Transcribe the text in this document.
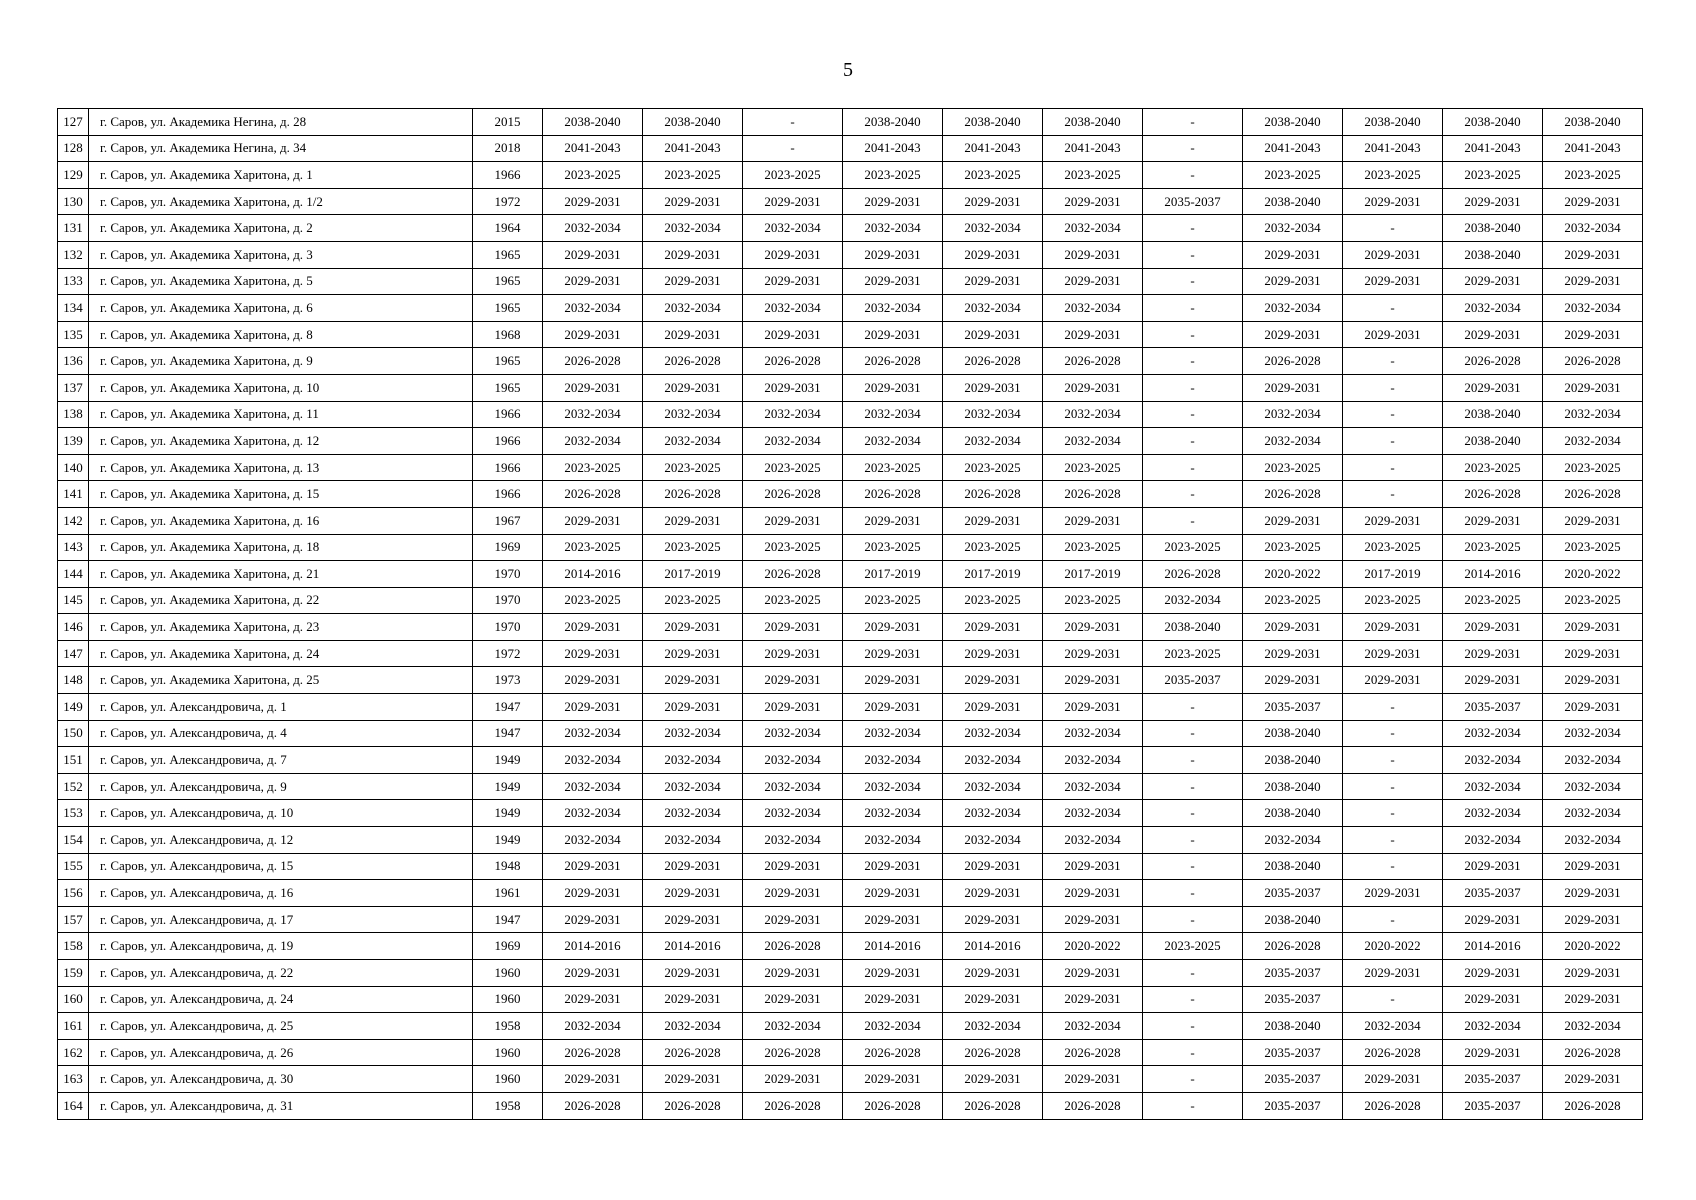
5
127	г. Саров, ул. Академика Негина, д. 28	2015	2038-2040	2038-2040	-	2038-2040	2038-2040	2038-2040	-	2038-2040	2038-2040	2038-2040	2038-2040
128	г. Саров, ул. Академика Негина, д. 34	2018	2041-2043	2041-2043	-	2041-2043	2041-2043	2041-2043	-	2041-2043	2041-2043	2041-2043	2041-2043
129	г. Саров, ул. Академика Харитона, д. 1	1966	2023-2025	2023-2025	2023-2025	2023-2025	2023-2025	2023-2025	-	2023-2025	2023-2025	2023-2025	2023-2025
130	г. Саров, ул. Академика Харитона, д. 1/2	1972	2029-2031	2029-2031	2029-2031	2029-2031	2029-2031	2029-2031	2035-2037	2038-2040	2029-2031	2029-2031	2029-2031
131	г. Саров, ул. Академика Харитона, д. 2	1964	2032-2034	2032-2034	2032-2034	2032-2034	2032-2034	2032-2034	-	2032-2034	-	2038-2040	2032-2034
132	г. Саров, ул. Академика Харитона, д. 3	1965	2029-2031	2029-2031	2029-2031	2029-2031	2029-2031	2029-2031	-	2029-2031	2029-2031	2038-2040	2029-2031
133	г. Саров, ул. Академика Харитона, д. 5	1965	2029-2031	2029-2031	2029-2031	2029-2031	2029-2031	2029-2031	-	2029-2031	2029-2031	2029-2031	2029-2031
134	г. Саров, ул. Академика Харитона, д. 6	1965	2032-2034	2032-2034	2032-2034	2032-2034	2032-2034	2032-2034	-	2032-2034	-	2032-2034	2032-2034
135	г. Саров, ул. Академика Харитона, д. 8	1968	2029-2031	2029-2031	2029-2031	2029-2031	2029-2031	2029-2031	-	2029-2031	2029-2031	2029-2031	2029-2031
136	г. Саров, ул. Академика Харитона, д. 9	1965	2026-2028	2026-2028	2026-2028	2026-2028	2026-2028	2026-2028	-	2026-2028	-	2026-2028	2026-2028
137	г. Саров, ул. Академика Харитона, д. 10	1965	2029-2031	2029-2031	2029-2031	2029-2031	2029-2031	2029-2031	-	2029-2031	-	2029-2031	2029-2031
138	г. Саров, ул. Академика Харитона, д. 11	1966	2032-2034	2032-2034	2032-2034	2032-2034	2032-2034	2032-2034	-	2032-2034	-	2038-2040	2032-2034
139	г. Саров, ул. Академика Харитона, д. 12	1966	2032-2034	2032-2034	2032-2034	2032-2034	2032-2034	2032-2034	-	2032-2034	-	2038-2040	2032-2034
140	г. Саров, ул. Академика Харитона, д. 13	1966	2023-2025	2023-2025	2023-2025	2023-2025	2023-2025	2023-2025	-	2023-2025	-	2023-2025	2023-2025
141	г. Саров, ул. Академика Харитона, д. 15	1966	2026-2028	2026-2028	2026-2028	2026-2028	2026-2028	2026-2028	-	2026-2028	-	2026-2028	2026-2028
142	г. Саров, ул. Академика Харитона, д. 16	1967	2029-2031	2029-2031	2029-2031	2029-2031	2029-2031	2029-2031	-	2029-2031	2029-2031	2029-2031	2029-2031
143	г. Саров, ул. Академика Харитона, д. 18	1969	2023-2025	2023-2025	2023-2025	2023-2025	2023-2025	2023-2025	2023-2025	2023-2025	2023-2025	2023-2025	2023-2025
144	г. Саров, ул. Академика Харитона, д. 21	1970	2014-2016	2017-2019	2026-2028	2017-2019	2017-2019	2017-2019	2026-2028	2020-2022	2017-2019	2014-2016	2020-2022
145	г. Саров, ул. Академика Харитона, д. 22	1970	2023-2025	2023-2025	2023-2025	2023-2025	2023-2025	2023-2025	2032-2034	2023-2025	2023-2025	2023-2025	2023-2025
146	г. Саров, ул. Академика Харитона, д. 23	1970	2029-2031	2029-2031	2029-2031	2029-2031	2029-2031	2029-2031	2038-2040	2029-2031	2029-2031	2029-2031	2029-2031
147	г. Саров, ул. Академика Харитона, д. 24	1972	2029-2031	2029-2031	2029-2031	2029-2031	2029-2031	2029-2031	2023-2025	2029-2031	2029-2031	2029-2031	2029-2031
148	г. Саров, ул. Академика Харитона, д. 25	1973	2029-2031	2029-2031	2029-2031	2029-2031	2029-2031	2029-2031	2035-2037	2029-2031	2029-2031	2029-2031	2029-2031
149	г. Саров, ул. Александровича, д. 1	1947	2029-2031	2029-2031	2029-2031	2029-2031	2029-2031	2029-2031	-	2035-2037	-	2035-2037	2029-2031
150	г. Саров, ул. Александровича, д. 4	1947	2032-2034	2032-2034	2032-2034	2032-2034	2032-2034	2032-2034	-	2038-2040	-	2032-2034	2032-2034
151	г. Саров, ул. Александровича, д. 7	1949	2032-2034	2032-2034	2032-2034	2032-2034	2032-2034	2032-2034	-	2038-2040	-	2032-2034	2032-2034
152	г. Саров, ул. Александровича, д. 9	1949	2032-2034	2032-2034	2032-2034	2032-2034	2032-2034	2032-2034	-	2038-2040	-	2032-2034	2032-2034
153	г. Саров, ул. Александровича, д. 10	1949	2032-2034	2032-2034	2032-2034	2032-2034	2032-2034	2032-2034	-	2038-2040	-	2032-2034	2032-2034
154	г. Саров, ул. Александровича, д. 12	1949	2032-2034	2032-2034	2032-2034	2032-2034	2032-2034	2032-2034	-	2032-2034	-	2032-2034	2032-2034
155	г. Саров, ул. Александровича, д. 15	1948	2029-2031	2029-2031	2029-2031	2029-2031	2029-2031	2029-2031	-	2038-2040	-	2029-2031	2029-2031
156	г. Саров, ул. Александровича, д. 16	1961	2029-2031	2029-2031	2029-2031	2029-2031	2029-2031	2029-2031	-	2035-2037	2029-2031	2035-2037	2029-2031
157	г. Саров, ул. Александровича, д. 17	1947	2029-2031	2029-2031	2029-2031	2029-2031	2029-2031	2029-2031	-	2038-2040	-	2029-2031	2029-2031
158	г. Саров, ул. Александровича, д. 19	1969	2014-2016	2014-2016	2026-2028	2014-2016	2014-2016	2020-2022	2023-2025	2026-2028	2020-2022	2014-2016	2020-2022
159	г. Саров, ул. Александровича, д. 22	1960	2029-2031	2029-2031	2029-2031	2029-2031	2029-2031	2029-2031	-	2035-2037	2029-2031	2029-2031	2029-2031
160	г. Саров, ул. Александровича, д. 24	1960	2029-2031	2029-2031	2029-2031	2029-2031	2029-2031	2029-2031	-	2035-2037	-	2029-2031	2029-2031
161	г. Саров, ул. Александровича, д. 25	1958	2032-2034	2032-2034	2032-2034	2032-2034	2032-2034	2032-2034	-	2038-2040	2032-2034	2032-2034	2032-2034
162	г. Саров, ул. Александровича, д. 26	1960	2026-2028	2026-2028	2026-2028	2026-2028	2026-2028	2026-2028	-	2035-2037	2026-2028	2029-2031	2026-2028
163	г. Саров, ул. Александровича, д. 30	1960	2029-2031	2029-2031	2029-2031	2029-2031	2029-2031	2029-2031	-	2035-2037	2029-2031	2035-2037	2029-2031
164	г. Саров, ул. Александровича, д. 31	1958	2026-2028	2026-2028	2026-2028	2026-2028	2026-2028	2026-2028	-	2035-2037	2026-2028	2035-2037	2026-2028
